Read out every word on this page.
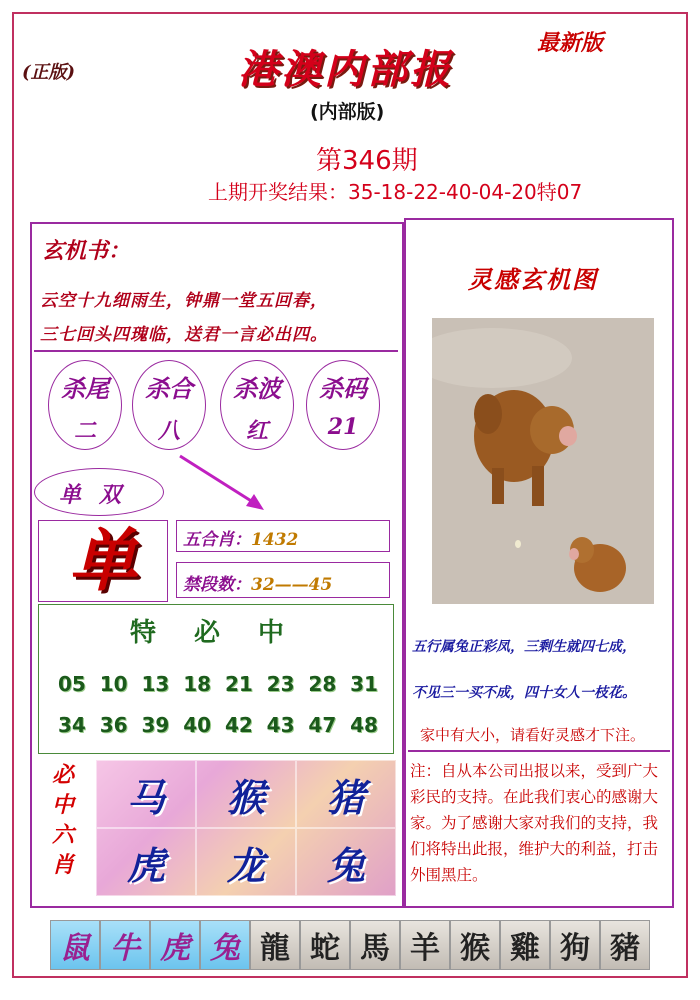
(正版)
最新版
港澳内部报
(内部版)
第346期
上期开奖结果：35-18-22-40-04-20特07
玄机书：
云空十九细雨生，钟鼎一堂五回春，
三七回头四瑰临，送君一言必出四。
杀尾
二
杀合
八
杀波
红
杀码
21
单双
单	五合肖：1432
禁段数：32——45
特必中
05 10 13 18 21 23 28 31
34 36 39 40 42 43 47 48
必
中
六
肖
马	猴	猪
虎	龙	兔
灵感玄机图
五行属兔正彩凤，三剩生就四七成，
不见三一买不成，四十女人一枝花。
家中有大小，请看好灵感才下注。
注：自从本公司出报以来，受到广大彩民的支持。在此我们衷心的感谢大家。为了感谢大家对我们的支持，我们将特出此报，维护大的利益，打击外围黑庄。
鼠 牛 虎 兔 龍 蛇 馬 羊 猴 雞 狗 豬
